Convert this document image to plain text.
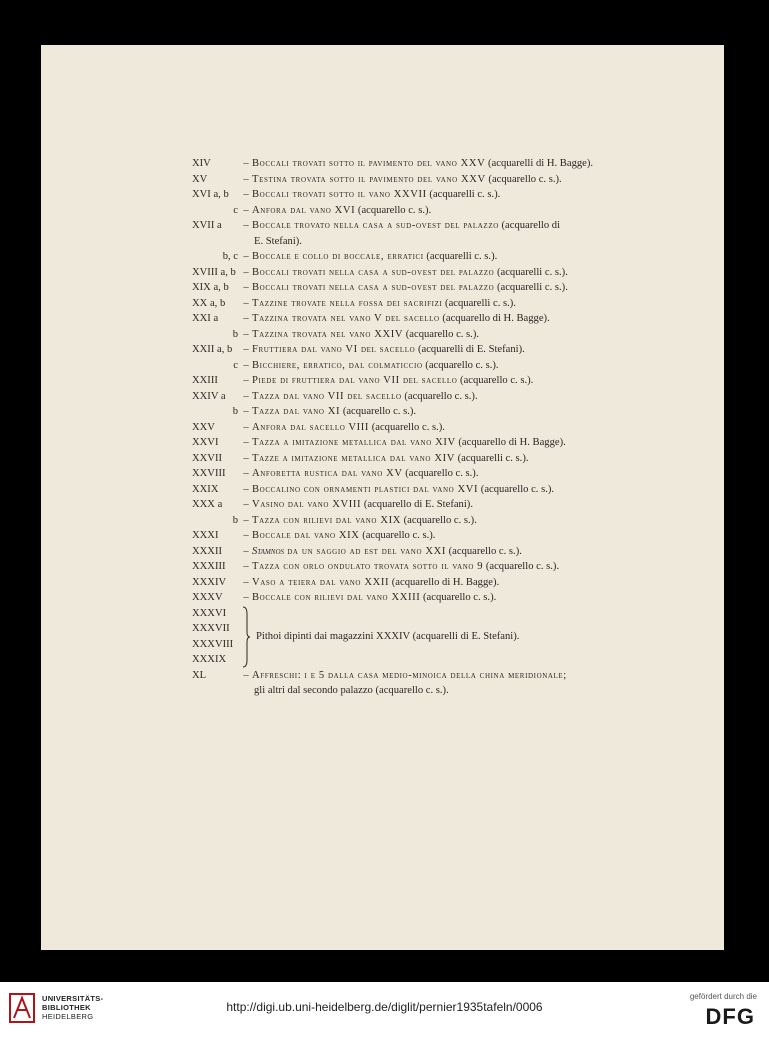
XIV	– Boccali trovati sotto il pavimento del vano XXV (acquarelli di H. Bagge).
XV	– Testina trovata sotto il pavimento del vano XXV (acquarello c. s.).
XVI a, b	– Boccali trovati sotto il vano XXVII (acquarelli c. s.).
c – Anfora dal vano XVI (acquarello c. s.).
XVII a	– Boccale trovato nella casa a sud-ovest del palazzo (acquarello di
E. Stefani).
b, c – Boccale e collo di boccale, erratici (acquarelli c. s.).
XVIII a, b – Boccali trovati nella casa a sud-ovest del palazzo (acquarelli c. s.).
XIX a, b	– Boccali trovati nella casa a sud-ovest del palazzo (acquarelli c. s.).
XX a, b	– Tazzine trovate nella fossa dei sacrifizi (acquarelli c. s.).
XXI a	– Tazzina trovata nel vano V del sacello (acquarello di H. Bagge).
b – Tazzina trovata nel vano XXIV (acquarello c. s.).
XXII a, b	– Fruttiera dal vano VI del sacello (acquarelli di E. Stefani).
c – Bicchiere, erratico, dal colmaticcio (acquarello c. s.).
XXIII	– Piede di fruttiera dal vano VII del sacello (acquarello c. s.).
XXIV a	– Tazza dal vano VII del sacello (acquarello c. s.).
b – Tazza dal vano XI (acquarello c. s.).
XXV	– Anfora dal sacello VIII (acquarello c. s.).
XXVI	– Tazza a imitazione metallica dal vano XIV (acquarello di H. Bagge).
XXVII	– Tazze a imitazione metallica dal vano XIV (acquarelli c. s.).
XXVIII	– Anforetta rustica dal vano XV (acquarello c. s.).
XXIX	– Boccalino con ornamenti plastici dal vano XVI (acquarello c. s.).
XXX a	– Vasino dal vano XVIII (acquarello di E. Stefani).
b – Tazza con rilievi dal vano XIX (acquarello c. s.).
XXXI	– Boccale dal vano XIX (acquarello c. s.).
XXXII	– Stamnos da un saggio ad est del vano XXI (acquarello c. s.).
XXXIII	– Tazza con orlo ondulato trovata sotto il vano 9 (acquarello c. s.).
XXXIV	– Vaso a teiera dal vano XXII (acquarello di H. Bagge).
XXXV	– Boccale con rilievi dal vano XXIII (acquarello c. s.).
XXXVI
XXXVII
XXXVIII
XXXIX
Pithoi dipinti dai magazzini XXXIV (acquarelli di E. Stefani).
XL	– Affreschi: i e 5 dalla casa medio-minoica della china meridionale;
gli altri dal secondo palazzo (acquarello c. s.).
UNIVERSITÄTS-
BIBLIOTHEK
HEIDELBERG
http://digi.ub.uni-heidelberg.de/diglit/pernier1935tafeln/0006
gefördert durch die
DFG
